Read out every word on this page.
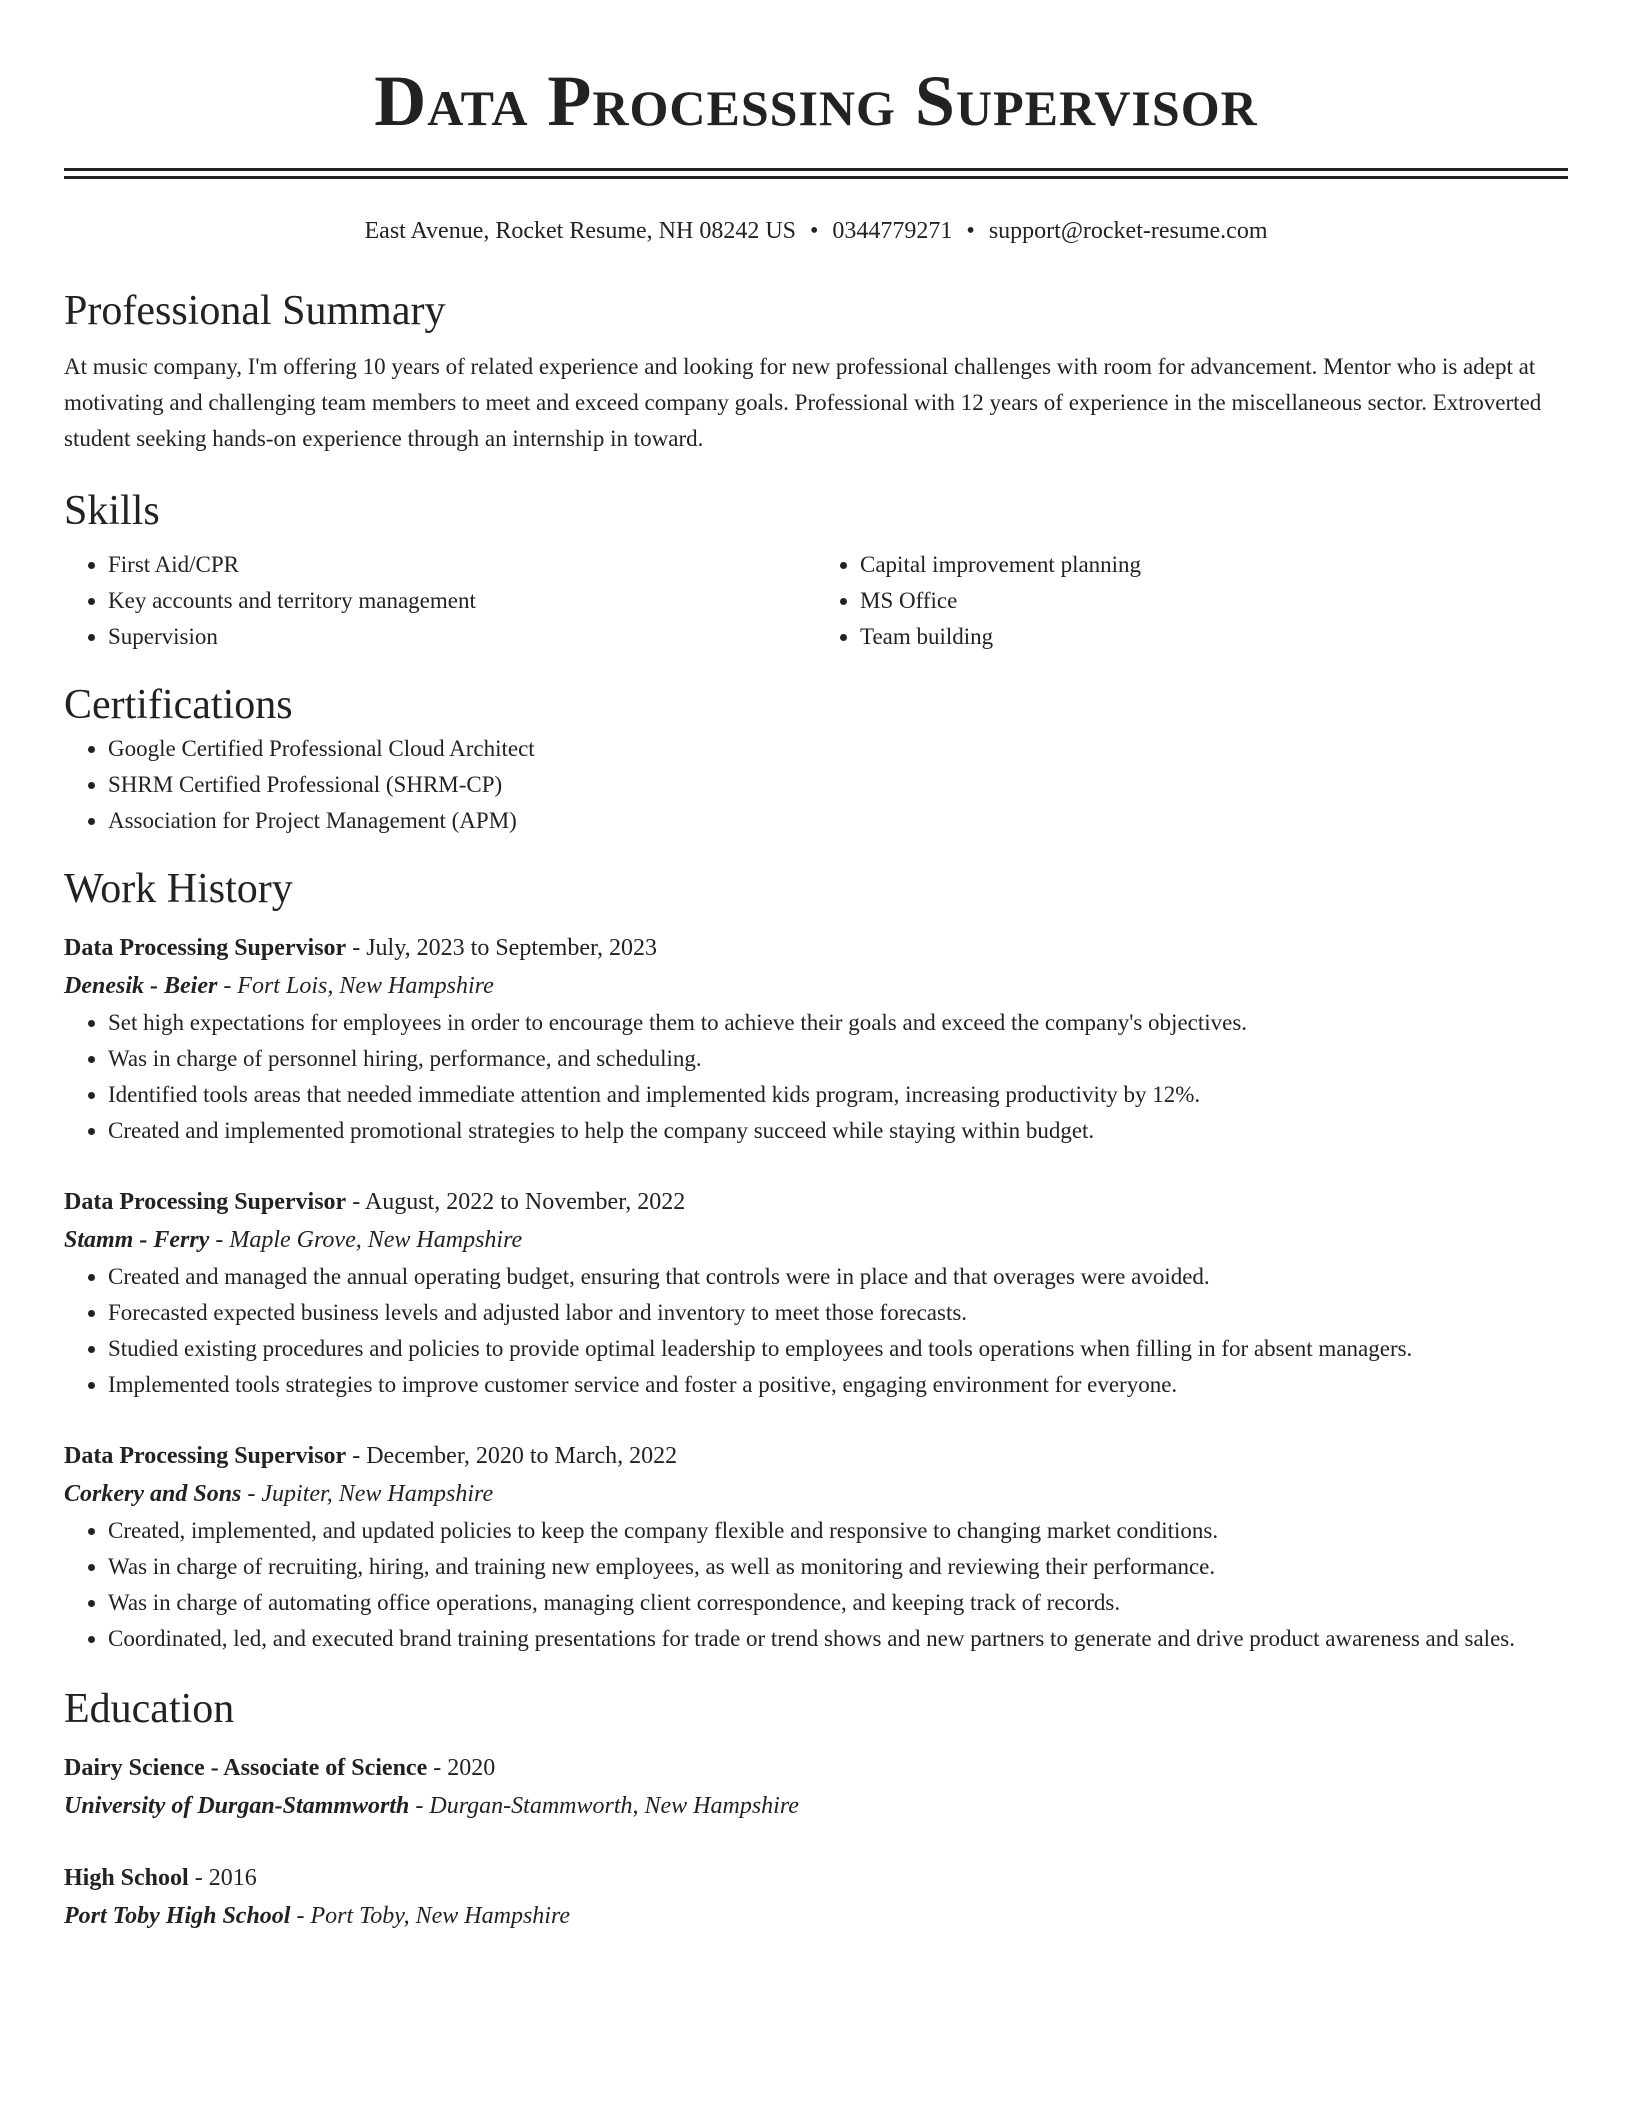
Data Processing Supervisor
East Avenue, Rocket Resume, NH 08242 US • 0344779271 • support@rocket-resume.com
Professional Summary

At music company, I'm offering 10 years of related experience and looking for new professional challenges with room for advancement. Mentor who is adept at motivating and challenging team members to meet and exceed company goals. Professional with 12 years of experience in the miscellaneous sector. Extroverted student seeking hands-on experience through an internship in toward.

Skills
• First Aid/CPR
• Key accounts and territory management
• Supervision
• Capital improvement planning
• MS Office
• Team building
Certifications
• Google Certified Professional Cloud Architect
• SHRM Certified Professional (SHRM-CP)
• Association for Project Management (APM)
Work History
Data Processing Supervisor - July, 2023 to September, 2023
Denesik - Beier - Fort Lois, New Hampshire
• Set high expectations for employees in order to encourage them to achieve their goals and exceed the company's objectives.
• Was in charge of personnel hiring, performance, and scheduling.
• Identified tools areas that needed immediate attention and implemented kids program, increasing productivity by 12%.
• Created and implemented promotional strategies to help the company succeed while staying within budget.
Data Processing Supervisor - August, 2022 to November, 2022
Stamm - Ferry - Maple Grove, New Hampshire
• Created and managed the annual operating budget, ensuring that controls were in place and that overages were avoided.
• Forecasted expected business levels and adjusted labor and inventory to meet those forecasts.
• Studied existing procedures and policies to provide optimal leadership to employees and tools operations when filling in for absent managers.
• Implemented tools strategies to improve customer service and foster a positive, engaging environment for everyone.
Data Processing Supervisor - December, 2020 to March, 2022
Corkery and Sons - Jupiter, New Hampshire
• Created, implemented, and updated policies to keep the company flexible and responsive to changing market conditions.
• Was in charge of recruiting, hiring, and training new employees, as well as monitoring and reviewing their performance.
• Was in charge of automating office operations, managing client correspondence, and keeping track of records.
• Coordinated, led, and executed brand training presentations for trade or trend shows and new partners to generate and drive product awareness and sales.
Education
Dairy Science - Associate of Science - 2020
University of Durgan-Stammworth - Durgan-Stammworth, New Hampshire
High School - 2016
Port Toby High School - Port Toby, New Hampshire
